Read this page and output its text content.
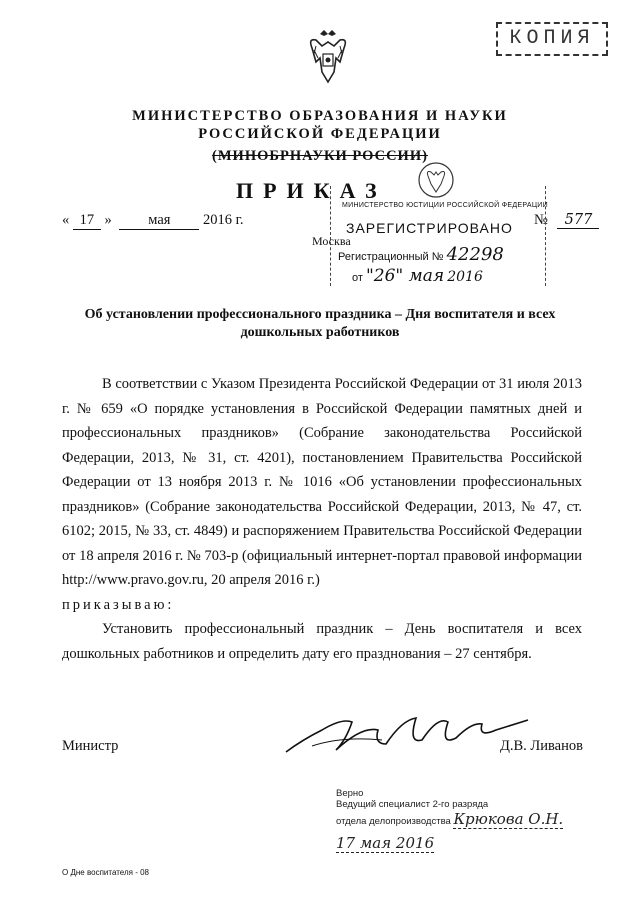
КОПИЯ
МИНИСТЕРСТВО ОБРАЗОВАНИЯ И НАУКИ
РОССИЙСКОЙ ФЕДЕРАЦИИ
(МИНОБРНАУКИ РОССИИ)
ПРИКАЗ
« 17 »	мая 2016 г.	№ 577
Москва
МИНИСТЕРСТВО ЮСТИЦИИ РОССИЙСКОЙ ФЕДЕРАЦИИ
ЗАРЕГИСТРИРОВАНО
Регистрационный № 42298
от "26" мая 2016
Об установлении профессионального праздника – Дня воспитателя и всех дошкольных работников

В соответствии с Указом Президента Российской Федерации от 31 июля 2013 г. № 659 «О порядке установления в Российской Федерации памятных дней и профессиональных праздников» (Собрание законодательства Российской Федерации, 2013, № 31, ст. 4201), постановлением Правительства Российской Федерации от 13 ноября 2013 г. № 1016 «Об установлении профессиональных праздников» (Собрание законодательства Российской Федерации, 2013, № 47, ст. 6102; 2015, № 33, ст. 4849) и распоряжением Правительства Российской Федерации от 18 апреля 2016 г. № 703-р (официальный интернет-портал правовой информации http://www.pravo.gov.ru, 20 апреля 2016 г.)

приказываю:

Установить профессиональный праздник – День воспитателя и всех дошкольных работников и определить дату его празднования – 27 сентября.

Министр	Д.В. Ливанов
Верно
Ведущий специалист 2-го разряда
отдела делопроизводства Крюкова О.Н.
17 мая 2016
О Дне воспитателя - 08
